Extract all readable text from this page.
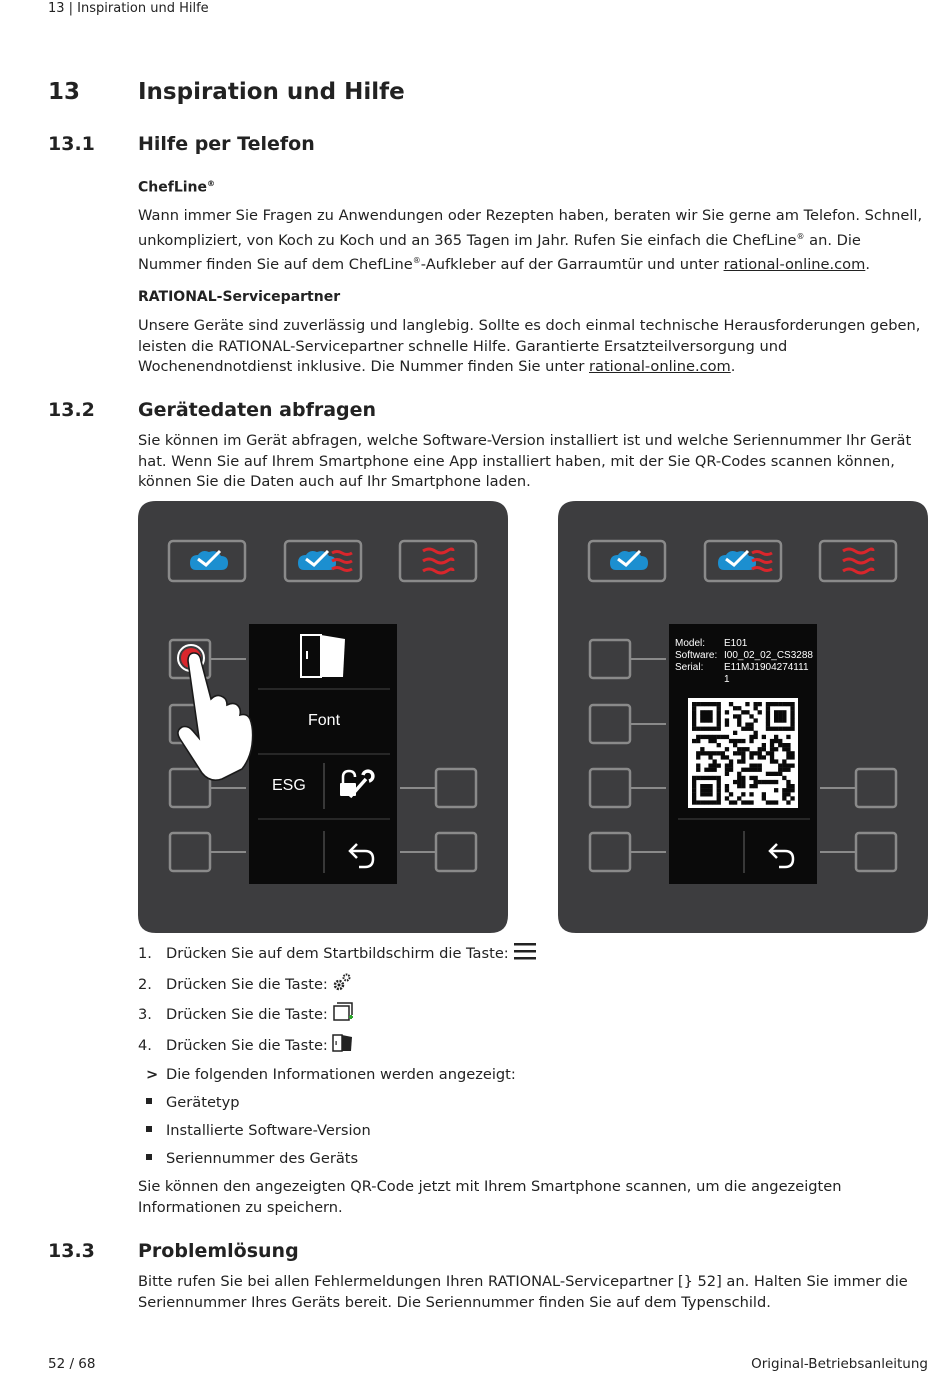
13 | Inspiration und Hilfe
13	Inspiration und Hilfe
13.1 Hilfe per Telefon
ChefLine®
Wann immer Sie Fragen zu Anwendungen oder Rezepten haben, beraten wir Sie gerne am Telefon. Schnell, unkompliziert, von Koch zu Koch und an 365 Tagen im Jahr. Rufen Sie einfach die ChefLine® an. Die Nummer finden Sie auf dem ChefLine®-Aufkleber auf der Garraumtür und unter rational-online.com.
RATIONAL-Servicepartner
Unsere Geräte sind zuverlässig und langlebig. Sollte es doch einmal technische Herausforderungen geben, leisten die RATIONAL-Servicepartner schnelle Hilfe. Garantierte Ersatzteilversorgung und Wochenendnotdienst inklusive. Die Nummer finden Sie unter rational-online.com.
13.2 Gerätedaten abfragen
Sie können im Gerät abfragen, welche Software-Version installiert ist und welche Seriennummer Ihr Gerät hat. Wenn Sie auf Ihrem Smartphone eine App installiert haben, mit der Sie QR-Codes scannen können, können Sie die Daten auch auf Ihr Smartphone laden.
Font
ESG
Model: E101
Software: I00_02_02_CS3288
Serial: E11MJ1904274111
1
1. Drücken Sie auf dem Startbildschirm die Taste:
2. Drücken Sie die Taste:
3. Drücken Sie die Taste:
4. Drücken Sie die Taste:
> Die folgenden Informationen werden angezeigt:
Gerätetyp
Installierte Software-Version
Seriennummer des Geräts
Sie können den angezeigten QR-Code jetzt mit Ihrem Smartphone scannen, um die angezeigten Informationen zu speichern.
13.3 Problemlösung
Bitte rufen Sie bei allen Fehlermeldungen Ihren RATIONAL-Servicepartner [} 52] an. Halten Sie immer die Seriennummer Ihres Geräts bereit. Die Seriennummer finden Sie auf dem Typenschild.
52 / 68	Original-Betriebsanleitung
